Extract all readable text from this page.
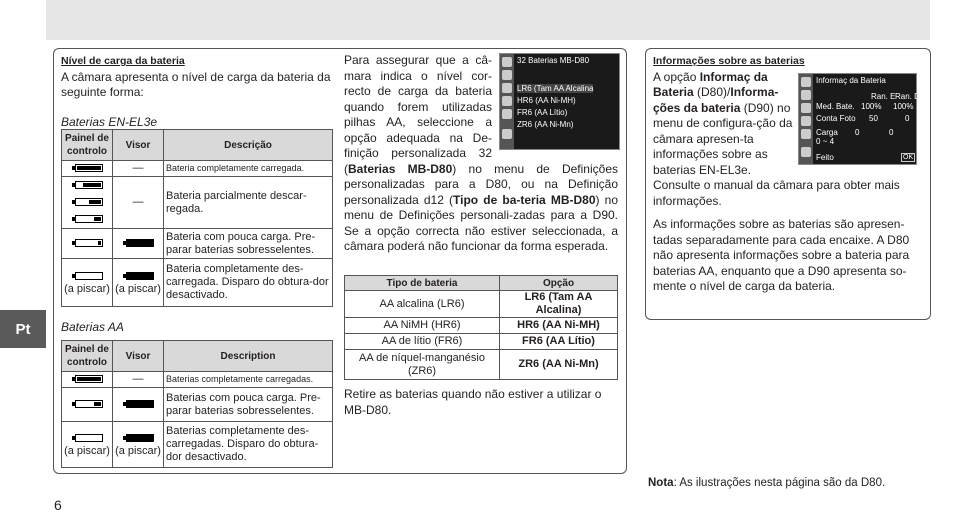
Pt
6
Nível de carga da bateria

A câmara apresenta o nível de carga da bateria da seguinte forma:

Baterias EN-EL3e

Painel de controlo	Visor	Descrição

	—	Bateria completamente carregada.

	—	Bateria parcialmente descar-regada.

		Bateria com pouca carga. Pre-parar baterias sobresselentes.

(a piscar)	(a piscar)	Bateria completamente des-carregada. Disparo do obtura-dor desactivado.
Baterias AA
Painel de controlo	Visor	Description

	—	Baterias completamente carregadas.

		Baterias com pouca carga. Pre-parar baterias sobresselentes.

(a piscar)	(a piscar)	Baterias completamente des-carregadas. Disparo do obtura-dor desactivado.
32 Baterias MB-D80
LR6 (Tam AA Alcalina
HR6 (AA Ni-MH)
FR6 (AA Lítio)
ZR6 (AA Ni-Mn)

Para assegurar que a câ-mara indica o nível cor-recto de carga da bateria quando forem utilizadas pilhas AA, seleccione a opção adequada na De-finição personalizada 32 (Baterias MB-D80) no menu de Definições personalizadas para a D80, ou na Definição personalizada d12 (Tipo de ba-teria MB-D80) no menu de Definições personali-zadas para a D90. Se a opção correcta não estiver seleccionada, a câmara poderá não funcionar da forma esperada.

Tipo de bateria	Opção
AA alcalina (LR6)	LR6 (Tam AA Alcalina)
AA NiMH (HR6)	HR6 (AA Ni-MH)
AA de lítio (FR6)	FR6 (AA Lítio)
AA de níquel-manganésio (ZR6)	ZR6 (AA Ni-Mn)
Retire as baterias quando não estiver a utilizar o MB-D80.
Informaç da Bateria
Ran. E Ran. D
Med. Bate. 100% 100%
Conta Foto 50	0
Carga
0 ~ 4
0	0
Feito	OK
Informações sobre as baterias

A opção Informaç da Bateria (D80)/Informa-ções da bateria (D90) no menu de configura-ção da câmara apresen-ta informações sobre as baterias EN-EL3e.

Consulte o manual da câmara para obter mais informações.

As informações sobre as baterias são apresen-tadas separadamente para cada encaixe. A D80 não apresenta informações sobre a bateria para baterias AA, enquanto que a D90 apresenta so-mente o nível de carga da bateria.

Nota: As ilustrações nesta página são da D80.
